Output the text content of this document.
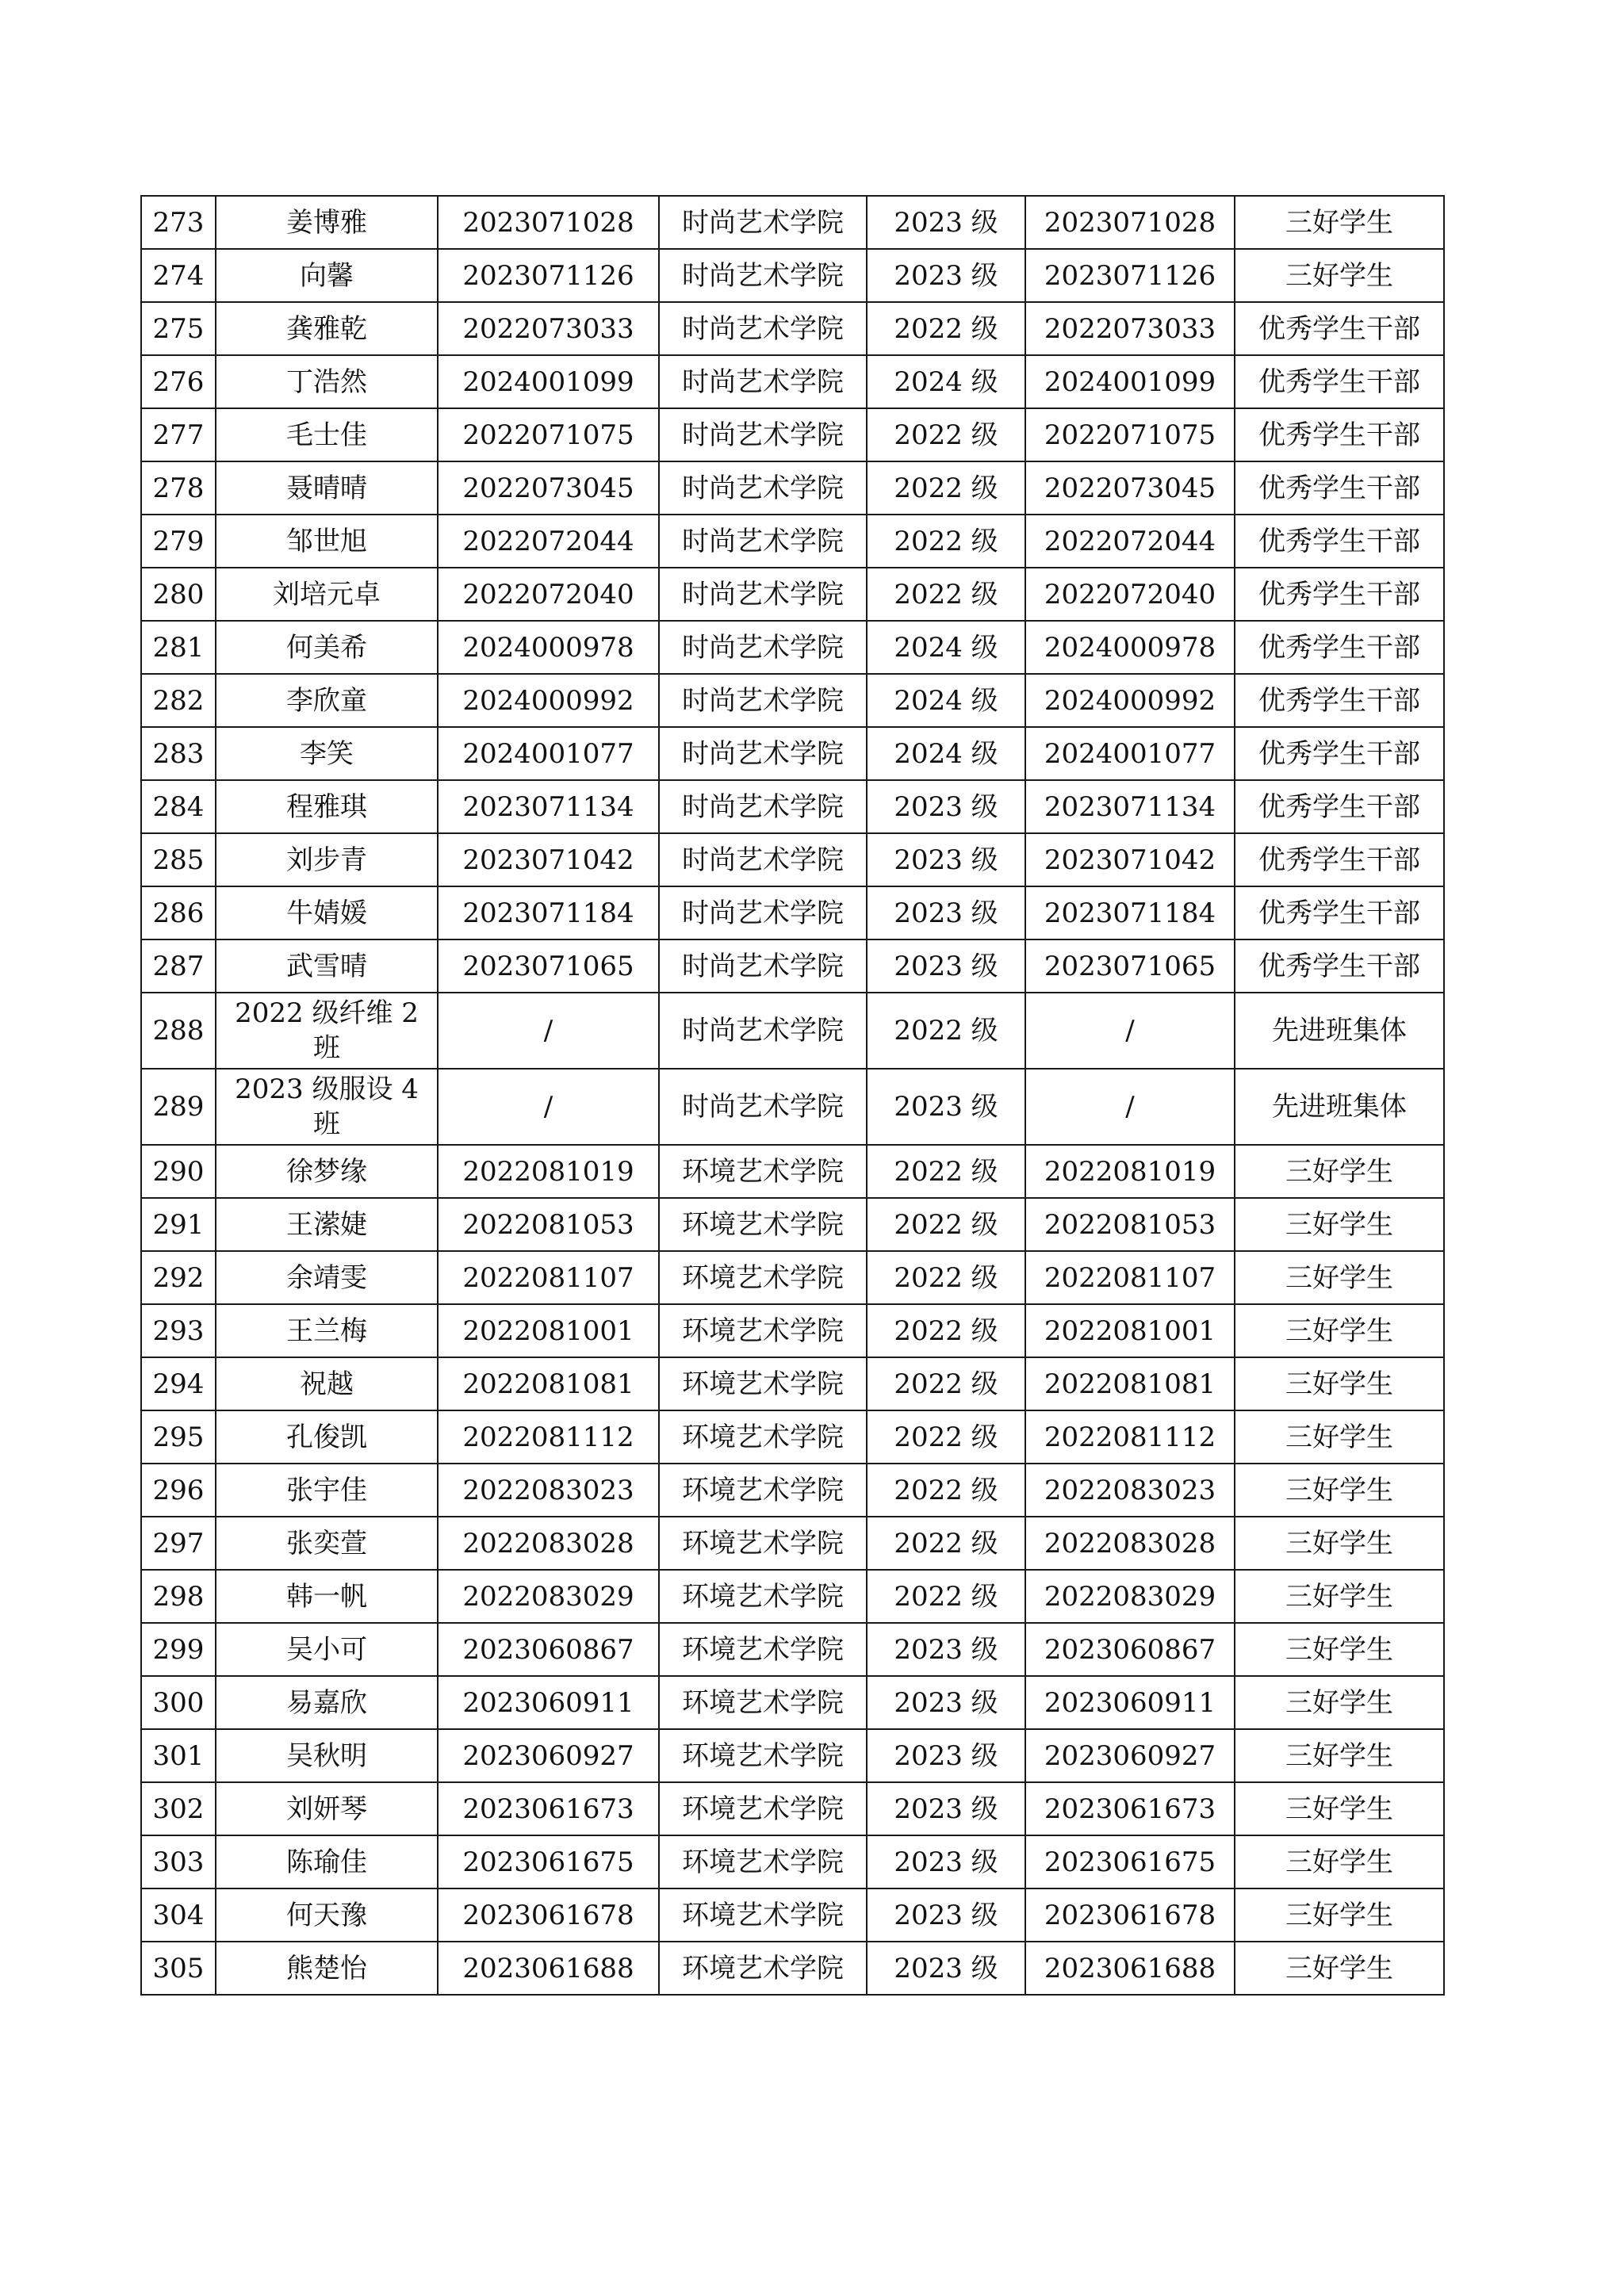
273	姜博雅	2023071028	时尚艺术学院	2023 级	2023071028	三好学生
274	向馨	2023071126	时尚艺术学院	2023 级	2023071126	三好学生
275	龚雅乾	2022073033	时尚艺术学院	2022 级	2022073033	优秀学生干部
276	丁浩然	2024001099	时尚艺术学院	2024 级	2024001099	优秀学生干部
277	毛士佳	2022071075	时尚艺术学院	2022 级	2022071075	优秀学生干部
278	聂晴晴	2022073045	时尚艺术学院	2022 级	2022073045	优秀学生干部
279	邹世旭	2022072044	时尚艺术学院	2022 级	2022072044	优秀学生干部
280	刘培元卓	2022072040	时尚艺术学院	2022 级	2022072040	优秀学生干部
281	何美希	2024000978	时尚艺术学院	2024 级	2024000978	优秀学生干部
282	李欣童	2024000992	时尚艺术学院	2024 级	2024000992	优秀学生干部
283	李笑	2024001077	时尚艺术学院	2024 级	2024001077	优秀学生干部
284	程雅琪	2023071134	时尚艺术学院	2023 级	2023071134	优秀学生干部
285	刘步青	2023071042	时尚艺术学院	2023 级	2023071042	优秀学生干部
286	牛婧媛	2023071184	时尚艺术学院	2023 级	2023071184	优秀学生干部
287	武雪晴	2023071065	时尚艺术学院	2023 级	2023071065	优秀学生干部
288	2022 级纤维 2 班	/	时尚艺术学院	2022 级	/	先进班集体
289	2023 级服设 4 班	/	时尚艺术学院	2023 级	/	先进班集体
290	徐梦缘	2022081019	环境艺术学院	2022 级	2022081019	三好学生
291	王潆婕	2022081053	环境艺术学院	2022 级	2022081053	三好学生
292	余靖雯	2022081107	环境艺术学院	2022 级	2022081107	三好学生
293	王兰梅	2022081001	环境艺术学院	2022 级	2022081001	三好学生
294	祝越	2022081081	环境艺术学院	2022 级	2022081081	三好学生
295	孔俊凯	2022081112	环境艺术学院	2022 级	2022081112	三好学生
296	张宇佳	2022083023	环境艺术学院	2022 级	2022083023	三好学生
297	张奕萱	2022083028	环境艺术学院	2022 级	2022083028	三好学生
298	韩一帆	2022083029	环境艺术学院	2022 级	2022083029	三好学生
299	吴小可	2023060867	环境艺术学院	2023 级	2023060867	三好学生
300	易嘉欣	2023060911	环境艺术学院	2023 级	2023060911	三好学生
301	吴秋明	2023060927	环境艺术学院	2023 级	2023060927	三好学生
302	刘妍琴	2023061673	环境艺术学院	2023 级	2023061673	三好学生
303	陈瑜佳	2023061675	环境艺术学院	2023 级	2023061675	三好学生
304	何天豫	2023061678	环境艺术学院	2023 级	2023061678	三好学生
305	熊楚怡	2023061688	环境艺术学院	2023 级	2023061688	三好学生
